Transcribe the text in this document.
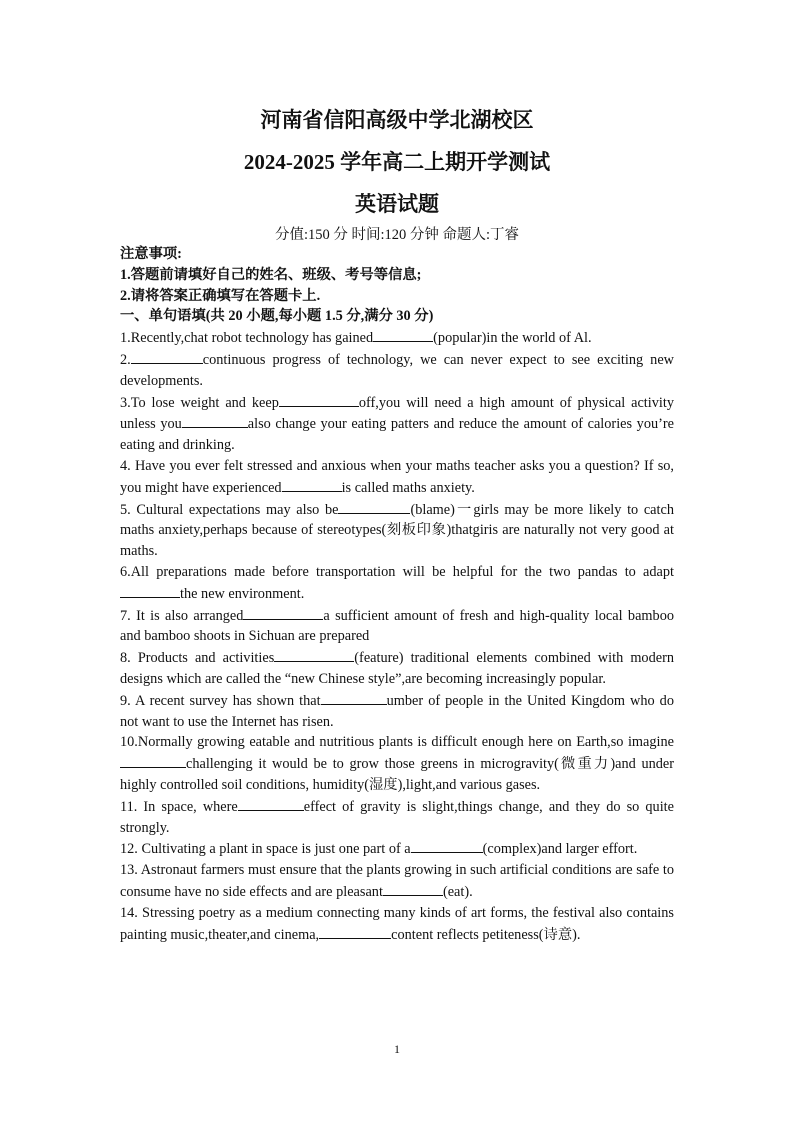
河南省信阳高级中学北湖校区
2024-2025 学年高二上期开学测试
英语试题
分值:150 分 时间:120 分钟 命题人:丁睿
注意事项:
1.答题前请填好自己的姓名、班级、考号等信息;
2.请将答案正确填写在答题卡上.
一、单句语填(共 20 小题,每小题 1.5 分,满分 30 分)
1.Recently,chat robot technology has gained	(popular)in the world of Al.
2.	continuous progress of technology, we can never expect to see exciting new developments.
3.To lose weight and keep	off,you will need a high amount of physical activity unless you	also change your eating patters and reduce the amount of calories you’re eating and drinking.
4. Have you ever felt stressed and anxious when your maths teacher asks you a question? If so, you might have experienced	is called maths anxiety.
5. Cultural expectations may also be	(blame)一girls may be more likely to catch maths anxiety,perhaps because of stereotypes(刻板印象)thatgiris are naturally not very good at maths.
6.All preparations made before transportation will be helpful for the two pandas to adaptthe new environment.
7. It is also arranged	a sufficient amount of fresh and high-quality local bamboo and bamboo shoots in Sichuan are prepared
8. Products and activities	(feature) traditional elements combined with modern designs which are called the “new Chinese style”,are becoming increasingly popular.
9. A recent survey has shown that	umber of people in the United Kingdom who do not want to use the Internet has risen.
10.Normally growing eatable and nutritious plants is difficult enough here on Earth,so imaginechallenging it would be to grow those greens in microgravity(微重力)and under highly controlled soil conditions, humidity(湿度),light,and various gases.
11. In space, where	effect of gravity is slight,things change, and they do so quite strongly.
12. Cultivating a plant in space is just one part of a	(complex)and larger effort.
13. Astronaut farmers must ensure that the plants growing in such artificial conditions are safe to consume have no side effects and are pleasant	(eat).
14. Stressing poetry as a medium connecting many kinds of art forms, the festival also contains painting music,theater,and cinema,	content reflects petiteness(诗意).
1
